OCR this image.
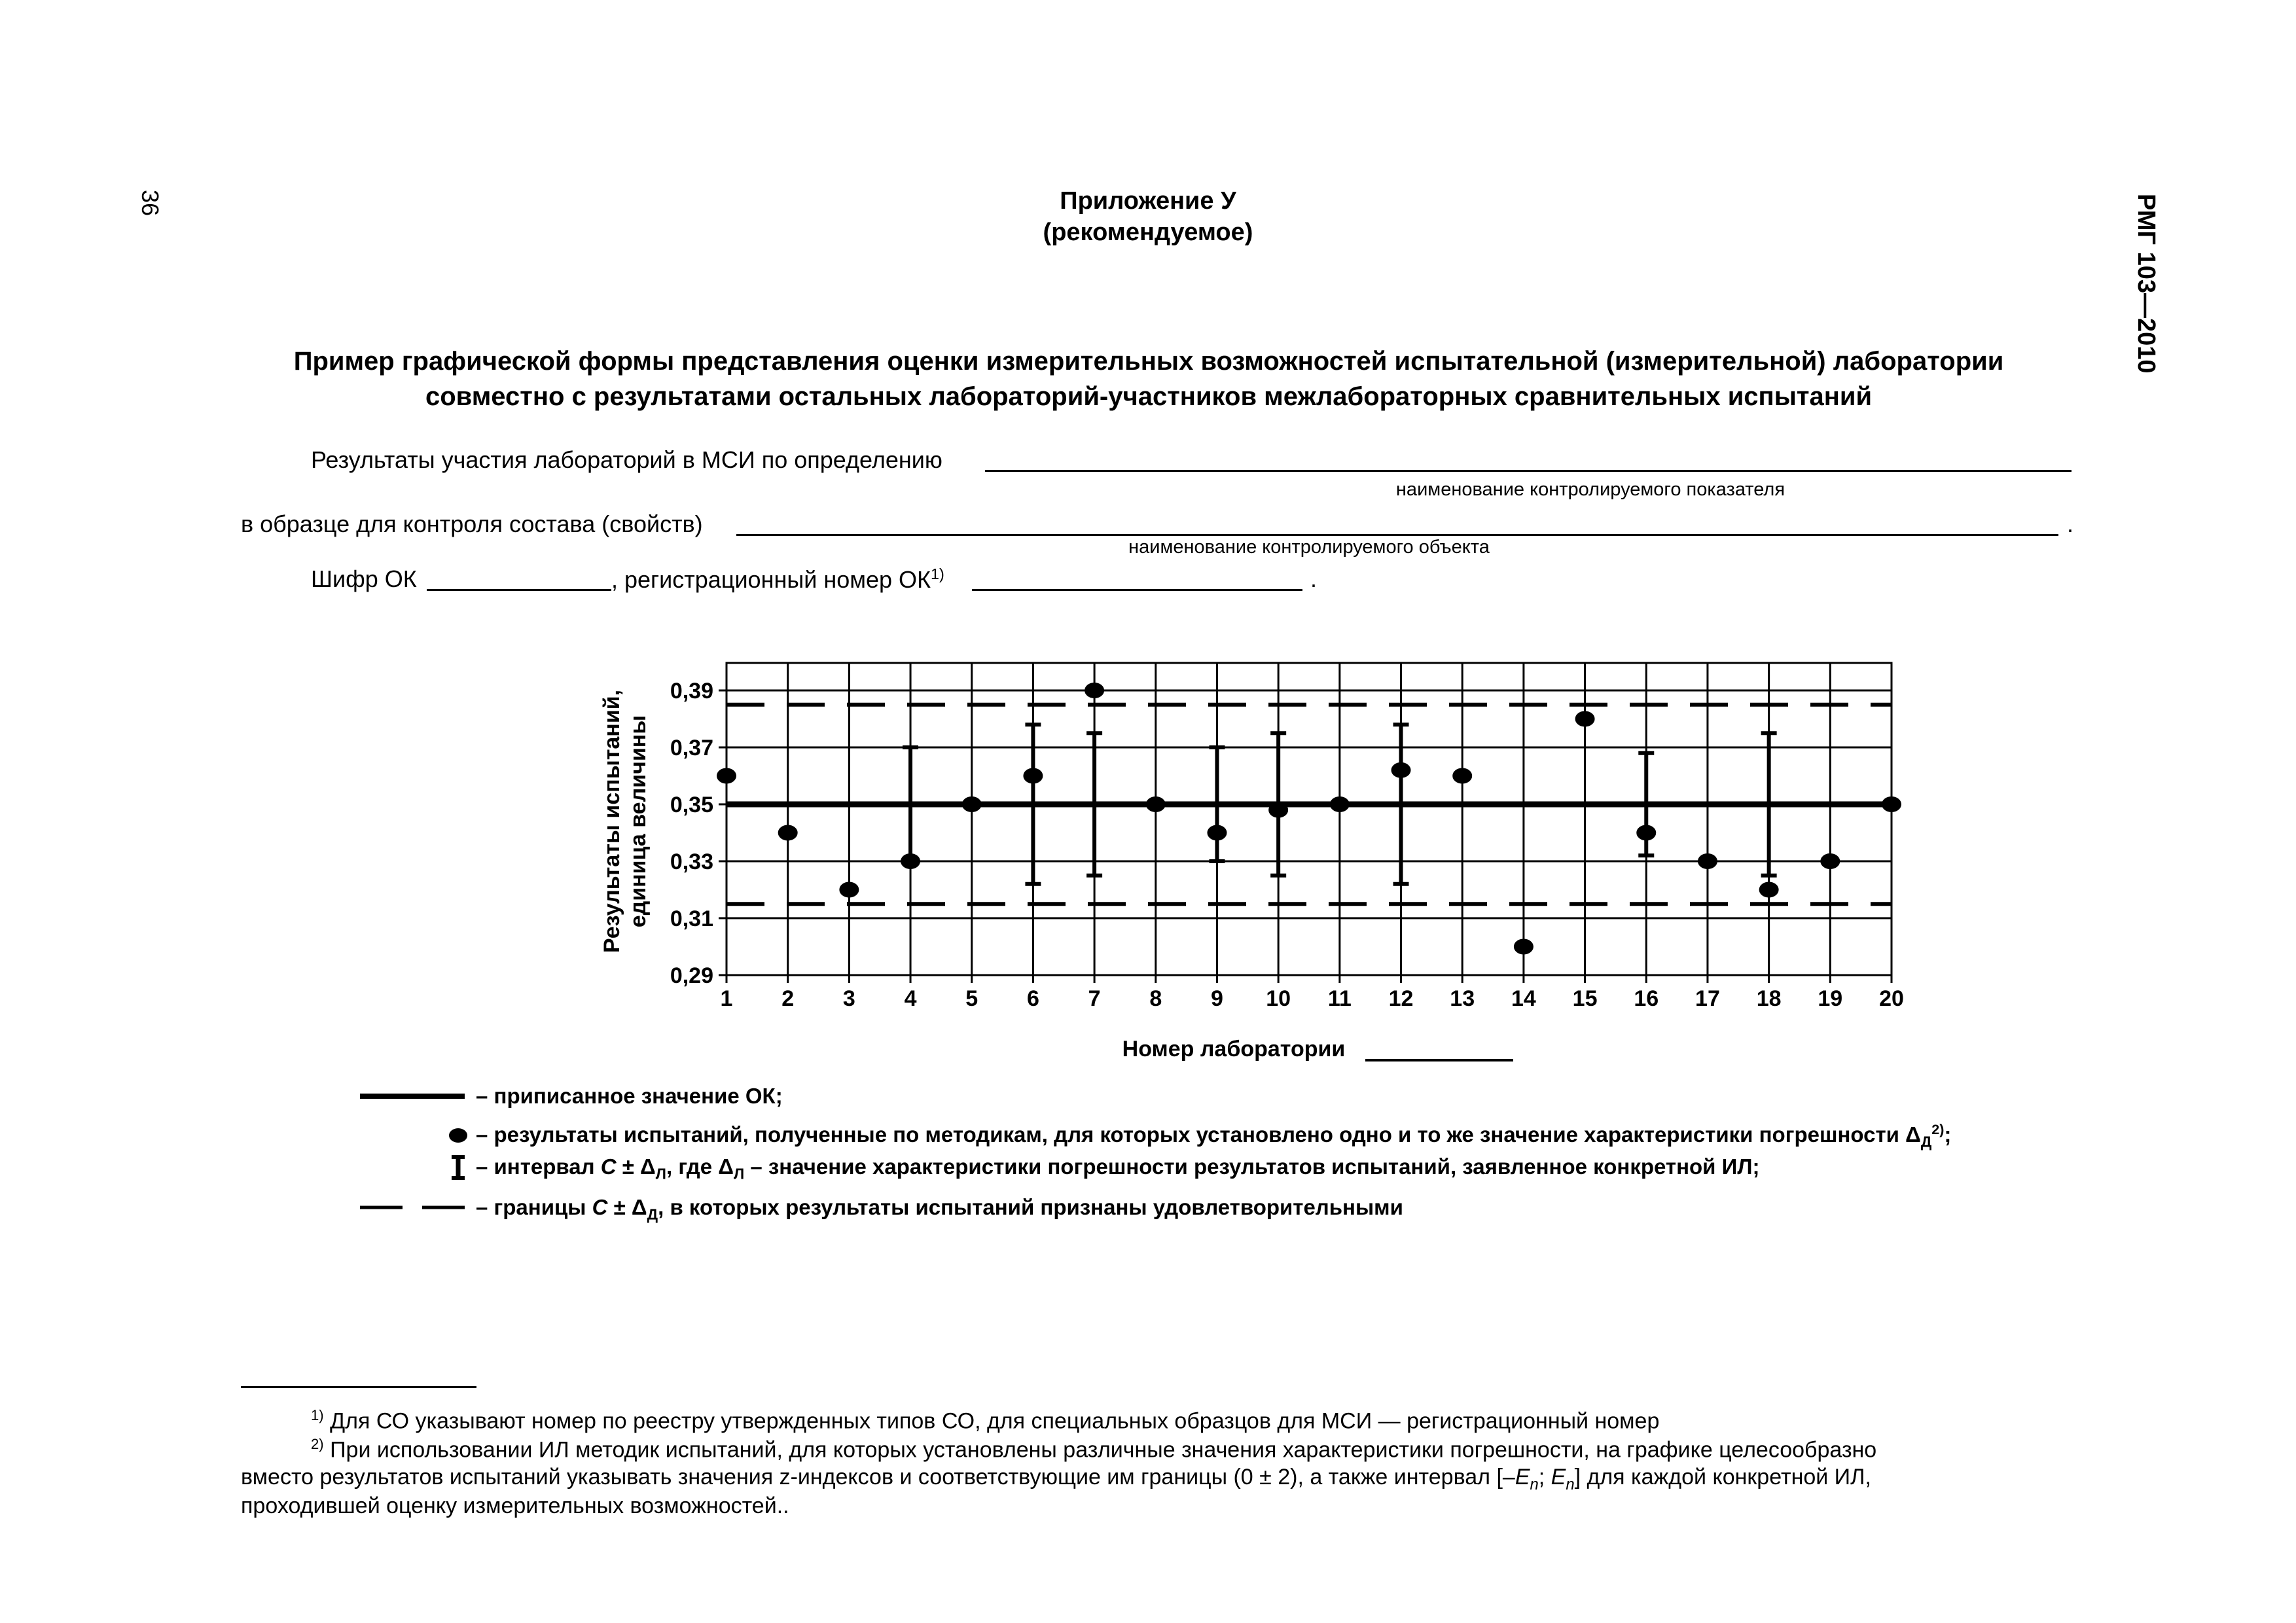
36	РМГ 103—2010
Приложение У
(рекомендуемое)
Пример графической формы представления оценки измерительных возможностей испытательной (измерительной) лаборатории
совместно с результатами остальных лабораторий-участников межлабораторных сравнительных испытаний
Результаты участия лабораторий в МСИ по определению
наименование контролируемого показателя
в образце для контроля состава (свойств)	.
наименование контролируемого объекта
Шифр ОК	, регистрационный номер ОК$^{1)}$	.
1 2 3 4 5 6 7 8 9 10 11 12 13 14 15 16 17 18 19 20
0,29
0,31
0,33
0,35
0,37
0,39
Результаты испытаний, единица величины
Номер лаборатории
– приписанное значение ОК;
– результаты испытаний, полученные по методикам, для которых установлено одно и то же значение характеристики погрешности $\Delta_Д^{2)}$;
– интервал $С \pm \Delta_Л$, где $\Delta_Л$ – значение характеристики погрешности результатов испытаний, заявленное конкретной ИЛ;
– границы $С \pm \Delta_Д$, в которых результаты испытаний признаны удовлетворительными
$^{1)}$ Для СО указывают номер по реестру утвержденных типов СО, для специальных образцов для МСИ — регистрационный номер
$^{2)}$ При использовании ИЛ методик испытаний, для которых установлены различные значения характеристики погрешности, на графике целесообразно
вместо результатов испытаний указывать значения z-индексов и соответствующие им границы (0 ± 2), а также интервал [$-E_n$; $E_n$] для каждой конкретной ИЛ,
проходившей оценку измерительных возможностей..
